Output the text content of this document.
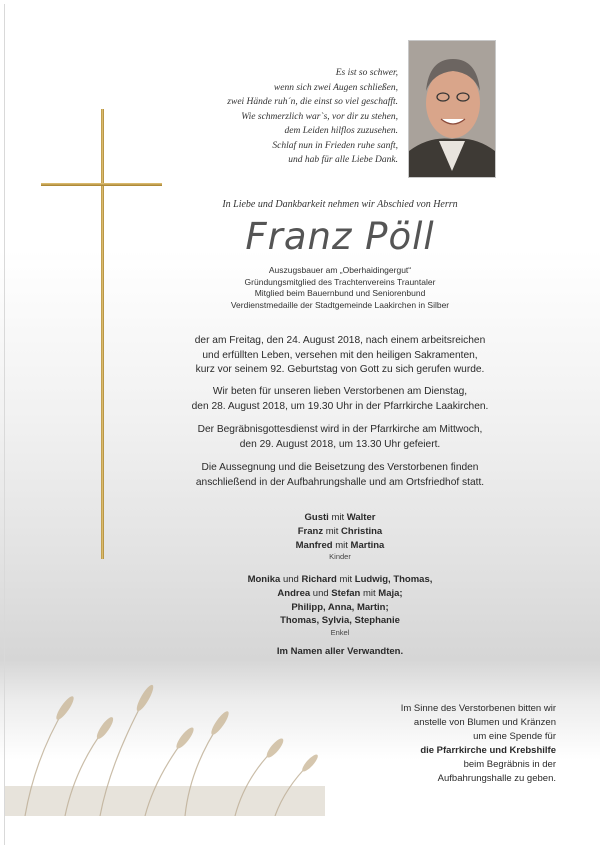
Es ist so schwer,
wenn sich zwei Augen schließen,
zwei Hände ruh´n, die einst so viel geschafft.
Wie schmerzlich war`s, vor dir zu stehen,
dem Leiden hilflos zuzusehen.
Schlaf nun in Frieden ruhe sanft,
und hab für alle Liebe Dank.
In Liebe und Dankbarkeit nehmen wir Abschied von Herrn
Franz Pöll
Auszugsbauer am „Oberhaidingergut“
Gründungsmitglied des Trachtenvereins Trauntaler
Mitglied beim Bauernbund und Seniorenbund
Verdienstmedaille der Stadtgemeinde Laakirchen in Silber
der am Freitag, den 24. August 2018, nach einem arbeitsreichen
und erfüllten Leben, versehen mit den heiligen Sakramenten,
kurz vor seinem 92. Geburtstag von Gott zu sich gerufen wurde.
Wir beten für unseren lieben Verstorbenen am Dienstag,
den 28. August 2018, um 19.30 Uhr in der Pfarrkirche Laakirchen.
Der Begräbnisgottesdienst wird in der Pfarrkirche am Mittwoch,
den 29. August 2018, um 13.30 Uhr gefeiert.
Die Aussegnung und die Beisetzung des Verstorbenen finden
anschließend in der Aufbahrungshalle und am Ortsfriedhof statt.
Gusti mit Walter
Franz mit Christina
Manfred mit Martina
Kinder
Monika und Richard mit Ludwig, Thomas,
Andrea und Stefan mit Maja;
Philipp, Anna, Martin;
Thomas, Sylvia, Stephanie
Enkel
Im Namen aller Verwandten.
Im Sinne des Verstorbenen bitten wir
anstelle von Blumen und Kränzen
um eine Spende für
die Pfarrkirche und Krebshilfe
beim Begräbnis in der
Aufbahrungshalle zu geben.
